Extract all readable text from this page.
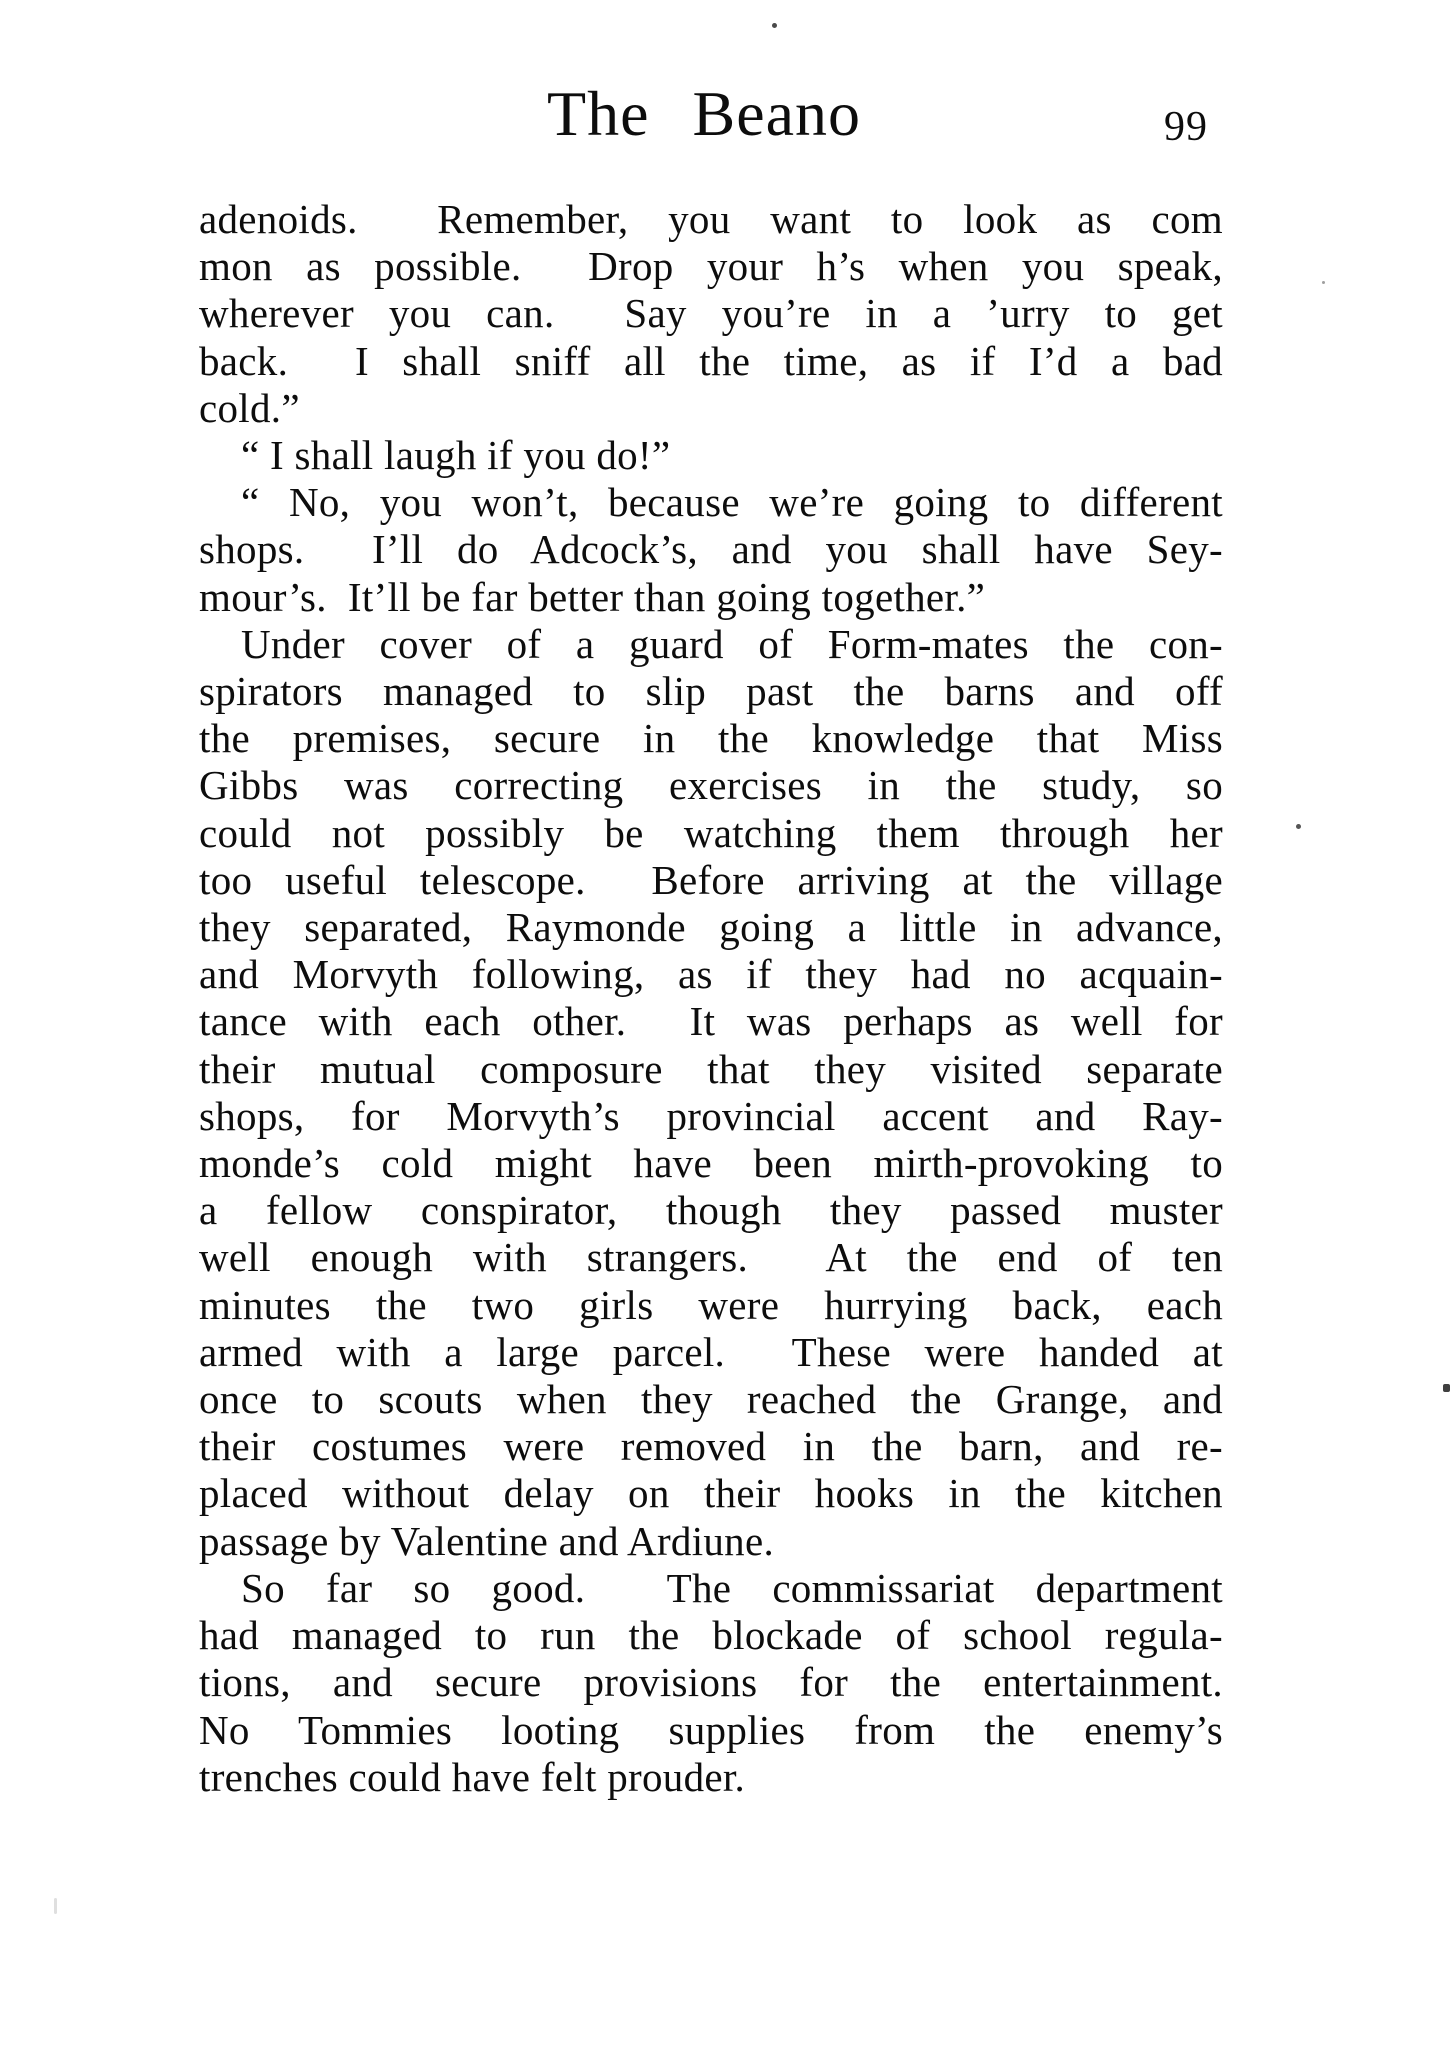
The Beano	99
adenoids.  Remember, you want to look as com
mon as possible.  Drop your h’s when you speak,
wherever you can.  Say you’re in a ’urry to get
back.  I shall sniff all the time, as if I’d a bad
cold.”
“ I shall laugh if you do!”
“ No, you won’t, because we’re going to different
shops.  I’ll do Adcock’s, and you shall have Sey-
mour’s.  It’ll be far better than going together.”
Under cover of a guard of Form-mates the con-
spirators managed to slip past the barns and off
the premises, secure in the knowledge that Miss
Gibbs was correcting exercises in the study, so
could not possibly be watching them through her
too useful telescope.  Before arriving at the village
they separated, Raymonde going a little in advance,
and Morvyth following, as if they had no acquain-
tance with each other.  It was perhaps as well for
their mutual composure that they visited separate
shops, for Morvyth’s provincial accent and Ray-
monde’s cold might have been mirth-provoking to
a fellow conspirator, though they passed muster
well enough with strangers.  At the end of ten
minutes the two girls were hurrying back, each
armed with a large parcel.  These were handed at
once to scouts when they reached the Grange, and
their costumes were removed in the barn, and re-
placed without delay on their hooks in the kitchen
passage by Valentine and Ardiune.
So far so good.  The commissariat department
had managed to run the blockade of school regula-
tions, and secure provisions for the entertainment.
No Tommies looting supplies from the enemy’s
trenches could have felt prouder.
